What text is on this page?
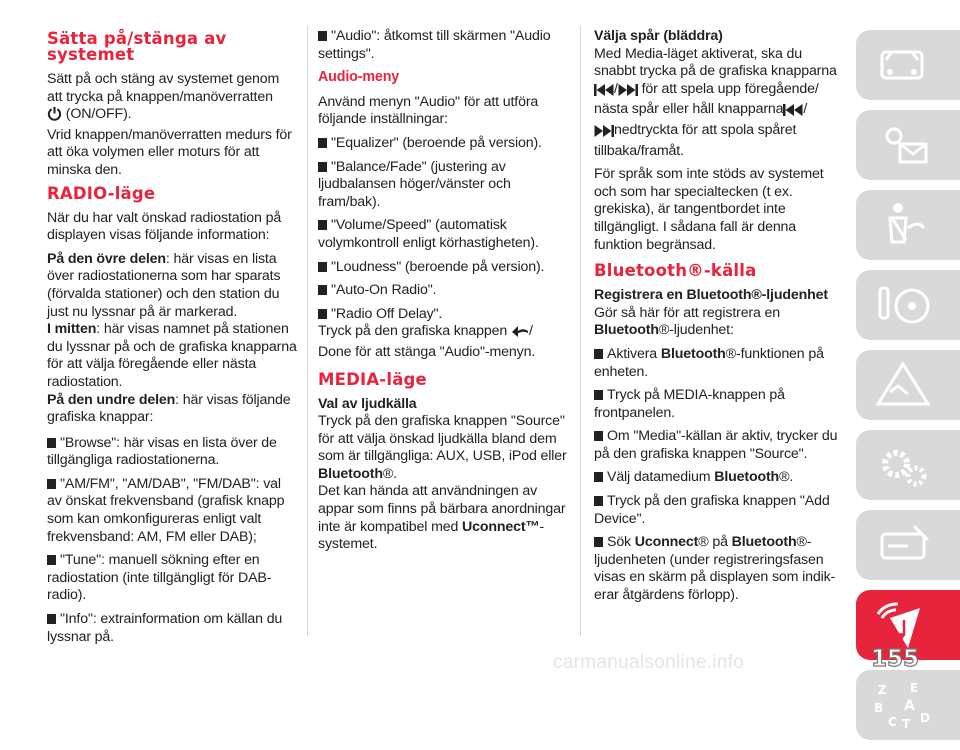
Sätta på/stänga av systemet

Sätt på och stäng av systemet genom att trycka på knappen/manöverratten
(ON/OFF).
Vrid knappen/manöverratten medurs för att öka volymen eller moturs för att minska den.

RADIO-läge

När du har valt önskad radiostation på displayen visas följande information:

På den övre delen: här visas en lista över radiostationerna som har sparats (förvalda stationer) och den station du just nu lyssnar på är markerad.
I mitten: här visas namnet på stationen du lyssnar på och de grafiska knapparna för att välja föregående eller nästa radiostation.
På den undre delen: här visas följande grafiska knappar:

"Browse": här visas en lista över de tillgängliga radiostationerna.
"AM/FM", "AM/DAB", "FM/DAB": val av önskat frekvensband (grafisk knapp som kan omkonfigureras enligt valt frekvensband: AM, FM eller DAB);
"Tune": manuell sökning efter en radiostation (inte tillgängligt för DAB-radio).
"Info": extrainformation om källan du lyssnar på.
"Audio": åtkomst till skärmen "Audio settings".
Audio-meny

Använd menyn "Audio" för att utföra följande inställningar:

"Equalizer" (beroende på version).
"Balance/Fade" (justering av ljudbalansen höger/vänster och fram/bak).
"Volume/Speed" (automatisk volymkontroll enligt körhastigheten).
"Loudness" (beroende på version).
"Auto-On Radio".
"Radio Off Delay".

Tryck på den grafiska knappen /
Done för att stänga "Audio"-menyn.

MEDIA-läge

Val av ljudkälla
Tryck på den grafiska knappen "Source" för att välja önskad ljudkälla bland dem som är tillgängliga: AUX, USB, iPod eller Bluetooth®.
Det kan hända att användningen av appar som finns på bärbara anordningar inte är kompatibel med Uconnect™-systemet.

Välja spår (bläddra)
Med Media-läget aktiverat, ska du snabbt trycka på de grafiska knapparna
/ för att spela upp föregående/ nästa spår eller håll knapparna /
nedtryckta för att spola spåret tillbaka/framåt.

För språk som inte stöds av systemet och som har specialtecken (t ex. grekiska), är tangentbordet inte tillgängligt. I sådana fall är denna funktion begränsad.

Bluetooth®-källa

Registrera en Bluetooth®-ljudenhet
Gör så här för att registrera en Bluetooth®-ljudenhet:

Aktivera Bluetooth®-funktionen på enheten.
Tryck på MEDIA-knappen på frontpanelen.
Om "Media"-källan är aktiv, trycker du på den grafiska knappen "Source".
Välj datamedium Bluetooth®.
Tryck på den grafiska knappen "Add Device".
Sök Uconnect® på Bluetooth®-ljudenheten (under registreringsfasen visas en skärm på displayen som indik-erar åtgärdens förlopp).
Z E
B A
C T D
155
carmanualsonline.info
